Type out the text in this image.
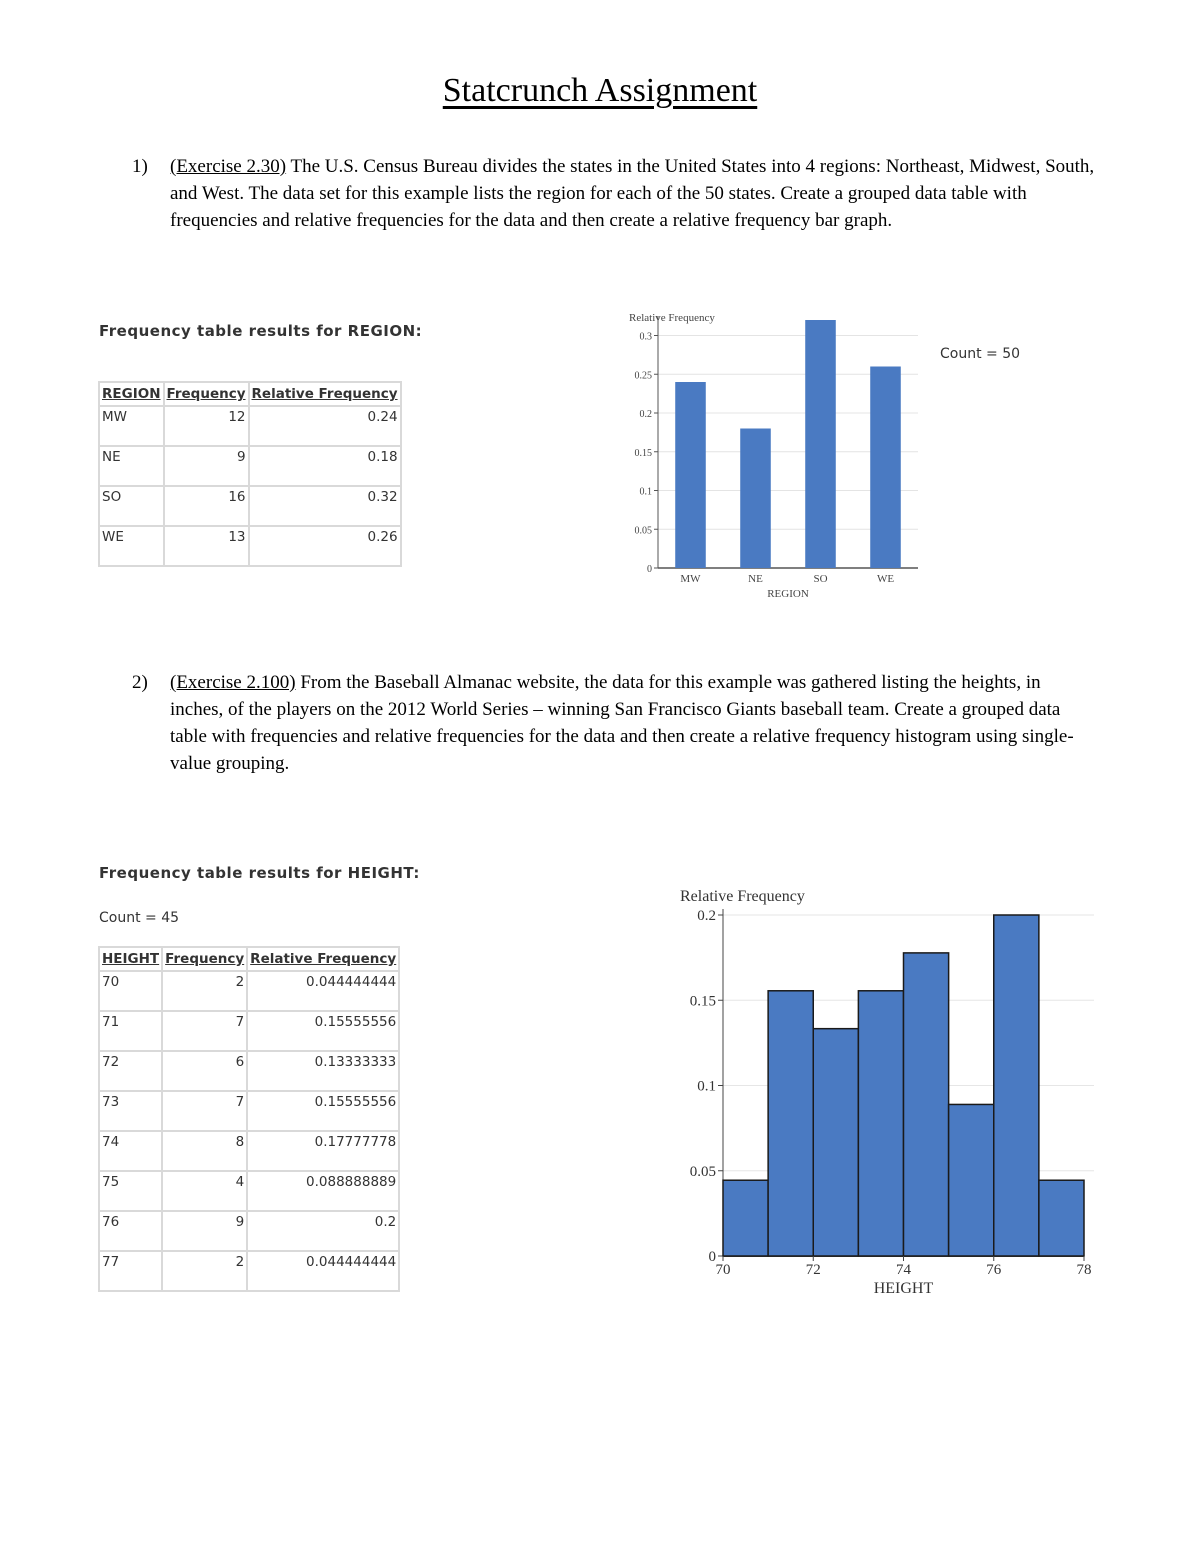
Statcrunch Assignment
1) (Exercise 2.30) The U.S. Census Bureau divides the states in the United States into 4 regions: Northeast, Midwest, South, and West. The data set for this example lists the region for each of the 50 states. Create a grouped data table with frequencies and relative frequencies for the data and then create a relative frequency bar graph.
Frequency table results for REGION:
REGION	Frequency	Relative Frequency
MW	12	0.24
NE	9	0.18
SO	16	0.32
WE	13	0.26
Relative Frequency
0
0.05
0.1
0.15
0.2
0.25
0.3
MW	NE	SO	WE
REGION
Count = 50
2) (Exercise 2.100) From the Baseball Almanac website, the data for this example was gathered listing the heights, in inches, of the players on the 2012 World Series – winning San Francisco Giants baseball team. Create a grouped data table with frequencies and relative frequencies for the data and then create a relative frequency histogram using single-value grouping.
Frequency table results for HEIGHT:
Count = 45
HEIGHT	Frequency	Relative Frequency
70	2	0.044444444
71	7	0.15555556
72	6	0.13333333
73	7	0.15555556
74	8	0.17777778
75	4	0.088888889
76	9	0.2
77	2	0.044444444
Relative Frequency
0
0.05
0.1
0.15
0.2
70	72	74	76	78
HEIGHT
